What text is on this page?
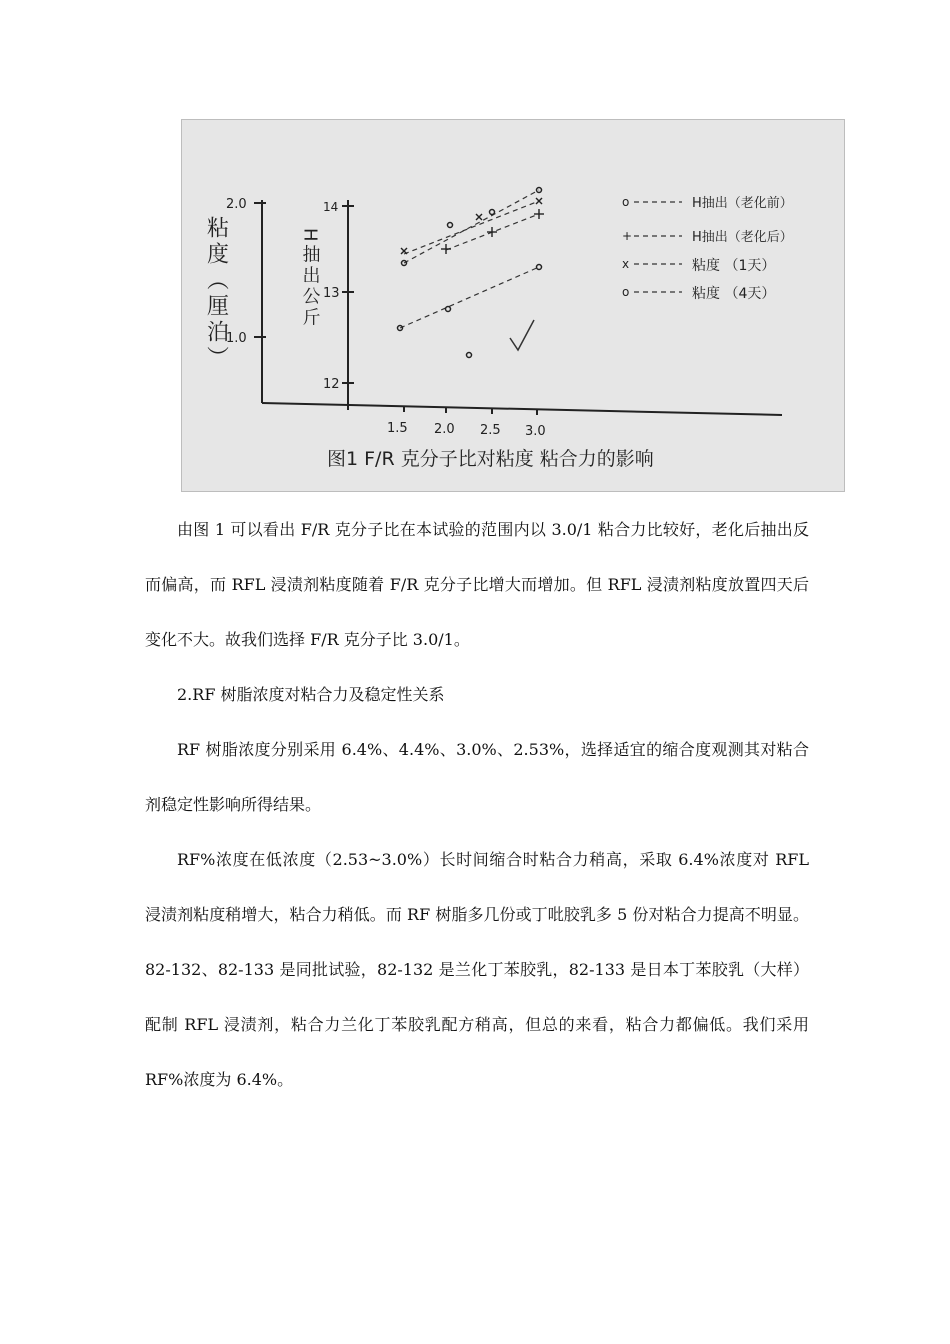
2.0
1.0
14
13
12
1.5 2.0 2.5 3.0
粘度（厘泊）	H抽出公斤
o	H抽出（老化前）
+	H抽出（老化后）
x	粘度 （1天）
o	粘度 （4天）
图1 F/R 克分子比对粘度 粘合力的影响

由图 1 可以看出 F/R 克分子比在本试验的范围内以 3.0/1 粘合力比较好，老化后抽出反而偏高，而 RFL 浸渍剂粘度随着 F/R 克分子比增大而增加。但 RFL 浸渍剂粘度放置四天后变化不大。故我们选择 F/R 克分子比 3.0/1。

2.RF 树脂浓度对粘合力及稳定性关系

RF 树脂浓度分别采用 6.4%、4.4%、3.0%、2.53%，选择适宜的缩合度观测其对粘合剂稳定性影响所得结果。

RF%浓度在低浓度（2.53~3.0%）长时间缩合时粘合力稍高，采取 6.4%浓度对 RFL 浸渍剂粘度稍增大，粘合力稍低。而 RF 树脂多几份或丁吡胶乳多 5 份对粘合力提高不明显。82-132、82-133 是同批试验，82-132 是兰化丁苯胶乳，82-133 是日本丁苯胶乳（大样）配制 RFL 浸渍剂，粘合力兰化丁苯胶乳配方稍高，但总的来看，粘合力都偏低。我们采用 RF%浓度为 6.4%。
